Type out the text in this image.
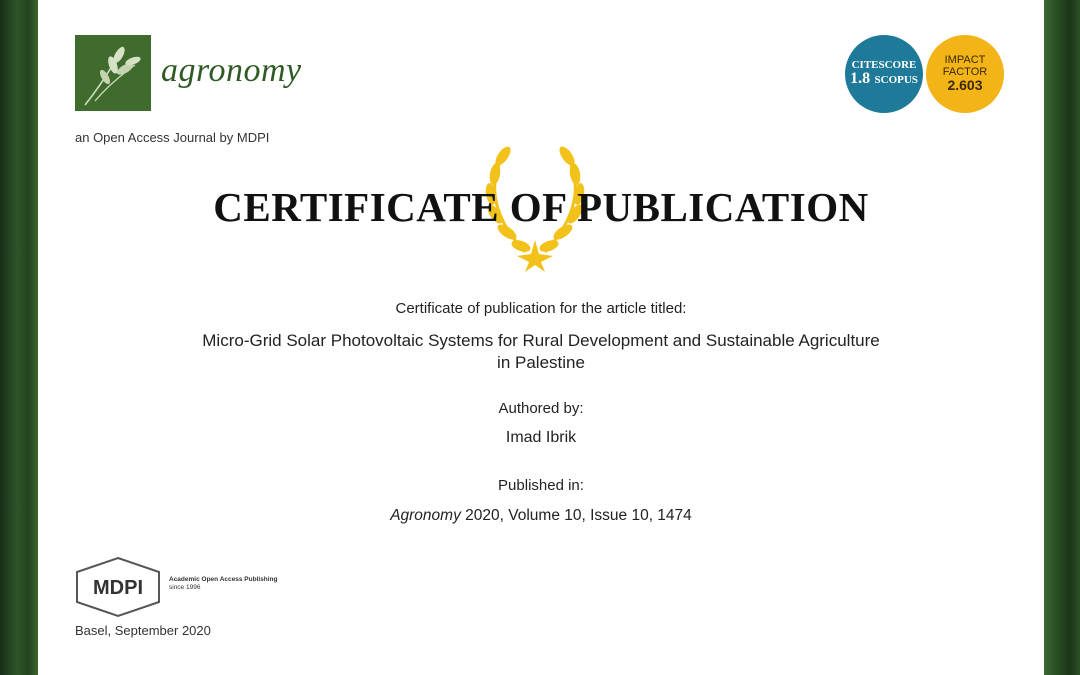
agronomy
an Open Access Journal by MDPI
CITESCORE
1.8 SCOPUS
IMPACT
FACTOR
2.603
CERTIFICATE OF PUBLICATION
Certificate of publication for the article titled:
Micro-Grid Solar Photovoltaic Systems for Rural Development and Sustainable Agriculture
in Palestine
Authored by:
Imad Ibrik
Published in:
Agronomy 2020, Volume 10, Issue 10, 1474
MDPI	Academic Open Access Publishing
since 1996
Basel, September 2020
